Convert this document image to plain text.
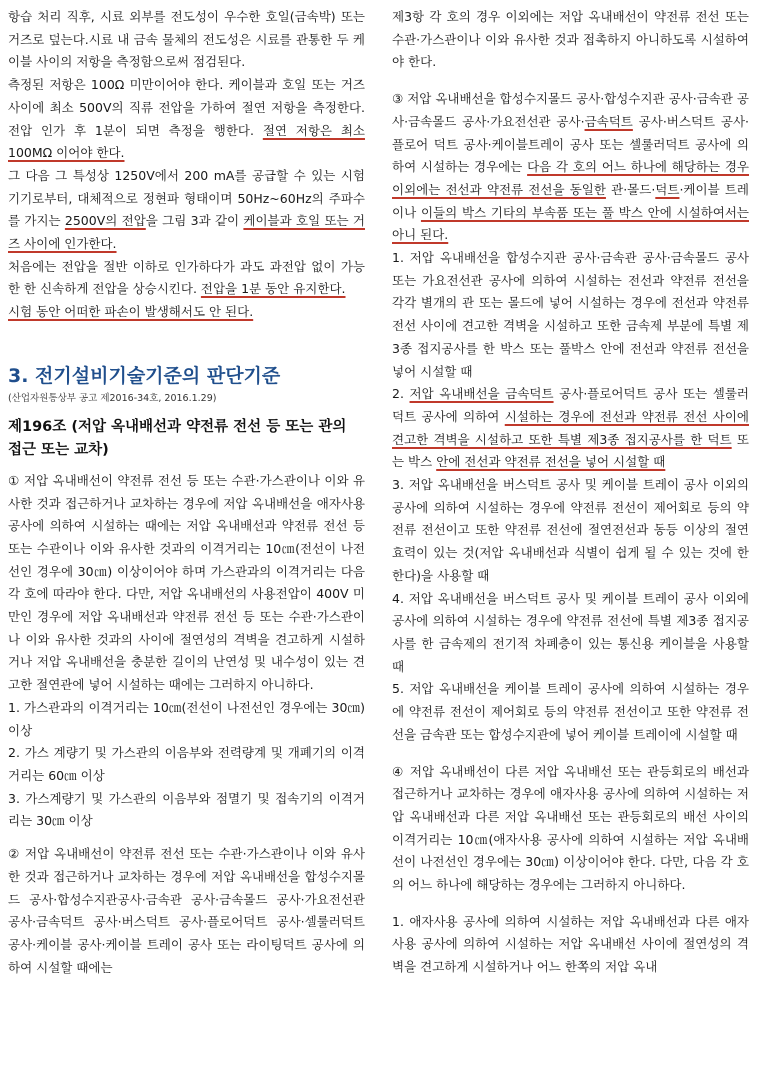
항습 처리 직후, 시료 외부를 전도성이 우수한 호일(금속박) 또는 거즈로 덮는다.시료 내 금속 물체의 전도성은 시료를 관통한 두 케이블 사이의 저항을 측정함으로써 점검된다.

측정된 저항은 100Ω 미만이어야 한다. 케이블과 호일 또는 거즈 사이에 최소 500V의 직류 전압을 가하여 절연 저항을 측정한다. 전압 인가 후 1분이 되면 측정을 행한다. 절연 저항은 최소 100MΩ 이어야 한다.

그 다음 그 특성상 1250V에서 200 mA를 공급할 수 있는 시험 기기로부터, 대체적으로 정현파 형태이며 50Hz~60Hz의 주파수를 가지는 2500V의 전압을 그림 3과 같이 케이블과 호일 또는 거즈 사이에 인가한다.

처음에는 전압을 절반 이하로 인가하다가 과도 과전압 없이 가능한 한 신속하게 전압을 상승시킨다. 전압을 1분 동안 유지한다.

시험 동안 어떠한 파손이 발생해서도 안 된다.

3. 전기설비기술기준의 판단기준

(산업자원통상부 공고 제2016-34호, 2016.1.29)

제196조 (저압 옥내배선과 약전류 전선 등 또는 관의 접근 또는 교차)

① 저압 옥내배선이 약전류 전선 등 또는 수관·가스관이나 이와 유사한 것과 접근하거나 교차하는 경우에 저압 옥내배선을 애자사용 공사에 의하여 시설하는 때에는 저압 옥내배선과 약전류 전선 등 또는 수관이나 이와 유사한 것과의 이격거리는 10㎝(전선이 나전선인 경우에 30㎝) 이상이어야 하며 가스관과의 이격거리는 다음 각 호에 따라야 한다. 다만, 저압 옥내배선의 사용전압이 400V 미만인 경우에 저압 옥내배선과 약전류 전선 등 또는 수관·가스관이나 이와 유사한 것과의 사이에 절연성의 격벽을 견고하게 시설하거나 저압 옥내배선을 충분한 길이의 난연성 및 내수성이 있는 견고한 절연관에 넣어 시설하는 때에는 그러하지 아니하다.

1. 가스관과의 이격거리는 10㎝(전선이 나전선인 경우에는 30㎝) 이상

2. 가스 계량기 및 가스관의 이음부와 전력량계 및 개폐기의 이격거리는 60㎝ 이상

3. 가스계량기 및 가스관의 이음부와 점멸기 및 접속기의 이격거리는 30㎝ 이상

② 저압 옥내배선이 약전류 전선 또는 수관·가스관이나 이와 유사한 것과 접근하거나 교차하는 경우에 저압 옥내배선을 합성수지몰드 공사·합성수지관공사·금속관 공사·금속몰드 공사·가요전선관 공사·금속덕트 공사·버스덕트 공사·플로어덕트 공사·셀룰러덕트 공사·케이블 공사·케이블 트레이 공사 또는 라이팅덕트 공사에 의하여 시설할 때에는

제3항 각 호의 경우 이외에는 저압 옥내배선이 약전류 전선 또는 수관·가스관이나 이와 유사한 것과 접촉하지 아니하도록 시설하여야 한다.

③ 저압 옥내배선을 합성수지몰드 공사·합성수지관 공사·금속관 공사·금속몰드 공사·가요전선관 공사·금속덕트 공사·버스덕트 공사·플로어 덕트 공사·케이블트레이 공사 또는 셀룰러덕트 공사에 의하여 시설하는 경우에는 다음 각 호의 어느 하나에 해당하는 경우 이외에는 전선과 약전류 전선을 동일한 관·몰드·덕트·케이블 트레이나 이들의 박스 기타의 부속품 또는 풀 박스 안에 시설하여서는 아니 된다.

1. 저압 옥내배선을 합성수지관 공사·금속관 공사·금속몰드 공사 또는 가요전선관 공사에 의하여 시설하는 전선과 약전류 전선을 각각 별개의 관 또는 몰드에 넣어 시설하는 경우에 전선과 약전류 전선 사이에 견고한 격벽을 시설하고 또한 금속제 부분에 특별 제3종 접지공사를 한 박스 또는 풀박스 안에 전선과 약전류 전선을 넣어 시설할 때

2. 저압 옥내배선을 금속덕트 공사·플로어덕트 공사 또는 셀룰러덕트 공사에 의하여 시설하는 경우에 전선과 약전류 전선 사이에 견고한 격벽을 시설하고 또한 특별 제3종 접지공사를 한 덕트 또는 박스 안에 전선과 약전류 전선을 넣어 시설할 때

3. 저압 옥내배선을 버스덕트 공사 및 케이블 트레이 공사 이외의 공사에 의하여 시설하는 경우에 약전류 전선이 제어회로 등의 약전류 전선이고 또한 약전류 전선에 절연전선과 동등 이상의 절연효력이 있는 것(저압 옥내배선과 식별이 쉽게 될 수 있는 것에 한한다)을 사용할 때

4. 저압 옥내배선을 버스덕트 공사 및 케이블 트레이 공사 이외에 공사에 의하여 시설하는 경우에 약전류 전선에 특별 제3종 접지공사를 한 금속제의 전기적 차폐층이 있는 통신용 케이블을 사용할 때

5. 저압 옥내배선을 케이블 트레이 공사에 의하여 시설하는 경우에 약전류 전선이 제어회로 등의 약전류 전선이고 또한 약전류 전선을 금속관 또는 합성수지관에 넣어 케이블 트레이에 시설할 때

④ 저압 옥내배선이 다른 저압 옥내배선 또는 관등회로의 배선과 접근하거나 교차하는 경우에 애자사용 공사에 의하여 시설하는 저압 옥내배선과 다른 저압 옥내배선 또는 관등회로의 배선 사이의 이격거리는 10㎝(애자사용 공사에 의하여 시설하는 저압 옥내배선이 나전선인 경우에는 30㎝) 이상이어야 한다. 다만, 다음 각 호의 어느 하나에 해당하는 경우에는 그러하지 아니하다.

1. 애자사용 공사에 의하여 시설하는 저압 옥내배선과 다른 애자사용 공사에 의하여 시설하는 저압 옥내배선 사이에 절연성의 격벽을 견고하게 시설하거나 어느 한쪽의 저압 옥내
